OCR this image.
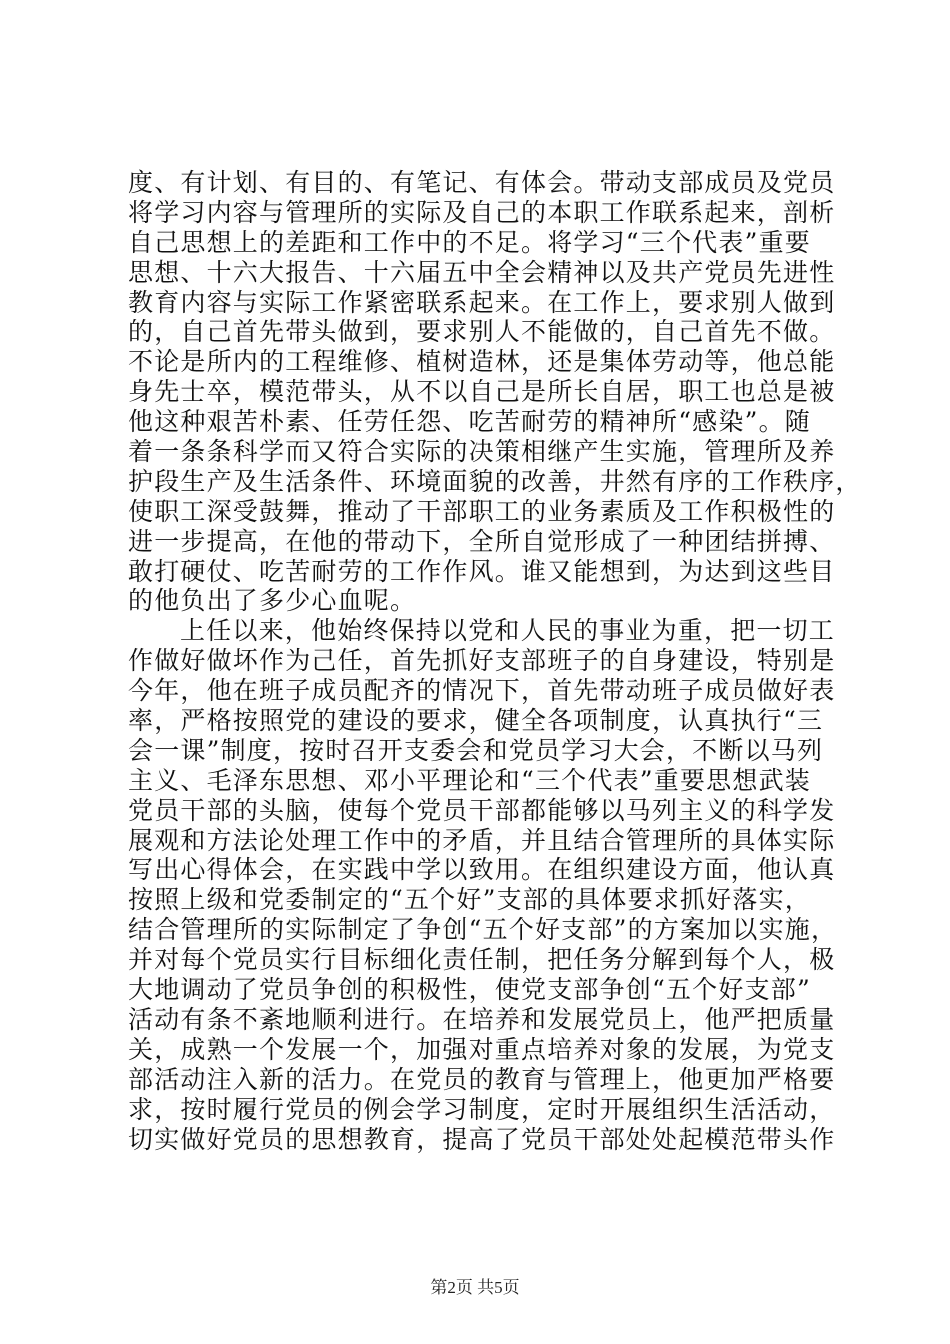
度、有计划、有目的、有笔记、有体会。带动支部成员及党员
将学习内容与管理所的实际及自己的本职工作联系起来，剖析
自己思想上的差距和工作中的不足。将学习“三个代表”重要
思想、十六大报告、十六届五中全会精神以及共产党员先进性
教育内容与实际工作紧密联系起来。在工作上，要求别人做到
的，自己首先带头做到，要求别人不能做的，自己首先不做。
不论是所内的工程维修、植树造林，还是集体劳动等，他总能
身先士卒，模范带头，从不以自己是所长自居，职工也总是被
他这种艰苦朴素、任劳任怨、吃苦耐劳的精神所“感染”。随
着一条条科学而又符合实际的决策相继产生实施，管理所及养
护段生产及生活条件、环境面貌的改善，井然有序的工作秩序，
使职工深受鼓舞，推动了干部职工的业务素质及工作积极性的
进一步提高，在他的带动下，全所自觉形成了一种团结拼搏、
敢打硬仗、吃苦耐劳的工作作风。谁又能想到，为达到这些目
的他负出了多少心血呢。
上任以来，他始终保持以党和人民的事业为重，把一切工
作做好做坏作为己任，首先抓好支部班子的自身建设，特别是
今年，他在班子成员配齐的情况下，首先带动班子成员做好表
率，严格按照党的建设的要求，健全各项制度，认真执行“三
会一课”制度，按时召开支委会和党员学习大会，不断以马列
主义、毛泽东思想、邓小平理论和“三个代表”重要思想武装
党员干部的头脑，使每个党员干部都能够以马列主义的科学发
展观和方法论处理工作中的矛盾，并且结合管理所的具体实际
写出心得体会，在实践中学以致用。在组织建设方面，他认真
按照上级和党委制定的“五个好”支部的具体要求抓好落实，
结合管理所的实际制定了争创“五个好支部”的方案加以实施，
并对每个党员实行目标细化责任制，把任务分解到每个人，极
大地调动了党员争创的积极性，使党支部争创“五个好支部”
活动有条不紊地顺利进行。在培养和发展党员上，他严把质量
关，成熟一个发展一个，加强对重点培养对象的发展，为党支
部活动注入新的活力。在党员的教育与管理上，他更加严格要
求，按时履行党员的例会学习制度，定时开展组织生活活动，
切实做好党员的思想教育，提高了党员干部处处起模范带头作
第2页 共5页
